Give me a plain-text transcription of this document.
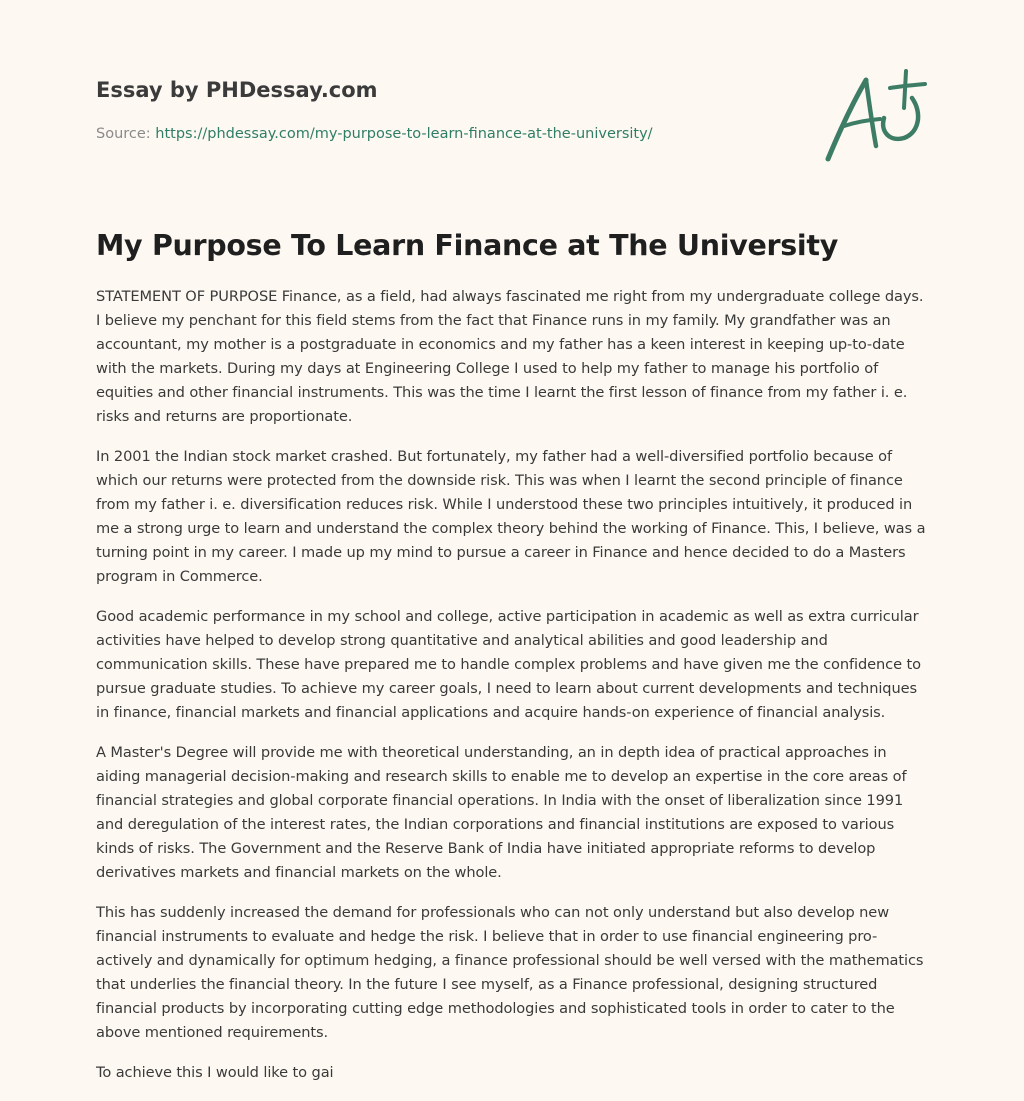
Essay by PHDessay.com
Source: https://phdessay.com/my-purpose-to-learn-finance-at-the-university/
My Purpose To Learn Finance at The University

STATEMENT OF PURPOSE Finance, as a field, had always fascinated me right from my undergraduate college days. I believe my penchant for this field stems from the fact that Finance runs in my family. My grandfather was an accountant, my mother is a postgraduate in economics and my father has a keen interest in keeping up-to-date with the markets. During my days at Engineering College I used to help my father to manage his portfolio of equities and other financial instruments. This was the time I learnt the first lesson of finance from my father i. e. risks and returns are proportionate.

In 2001 the Indian stock market crashed. But fortunately, my father had a well-diversified portfolio because of which our returns were protected from the downside risk. This was when I learnt the second principle of finance from my father i. e. diversification reduces risk. While I understood these two principles intuitively, it produced in me a strong urge to learn and understand the complex theory behind the working of Finance. This, I believe, was a turning point in my career. I made up my mind to pursue a career in Finance and hence decided to do a Masters program in Commerce.

Good academic performance in my school and college, active participation in academic as well as extra curricular activities have helped to develop strong quantitative and analytical abilities and good leadership and communication skills. These have prepared me to handle complex problems and have given me the confidence to pursue graduate studies. To achieve my career goals, I need to learn about current developments and techniques in finance, financial markets and financial applications and acquire hands-on experience of financial analysis.

A Master's Degree will provide me with theoretical understanding, an in depth idea of practical approaches in aiding managerial decision-making and research skills to enable me to develop an expertise in the core areas of financial strategies and global corporate financial operations. In India with the onset of liberalization since 1991 and deregulation of the interest rates, the Indian corporations and financial institutions are exposed to various kinds of risks. The Government and the Reserve Bank of India have initiated appropriate reforms to develop derivatives markets and financial markets on the whole.

This has suddenly increased the demand for professionals who can not only understand but also develop new financial instruments to evaluate and hedge the risk. I believe that in order to use financial engineering pro-actively and dynamically for optimum hedging, a finance professional should be well versed with the mathematics that underlies the financial theory. In the future I see myself, as a Finance professional, designing structured financial products by incorporating cutting edge methodologies and sophisticated tools in order to cater to the above mentioned requirements.

To achieve this I would like to gai
